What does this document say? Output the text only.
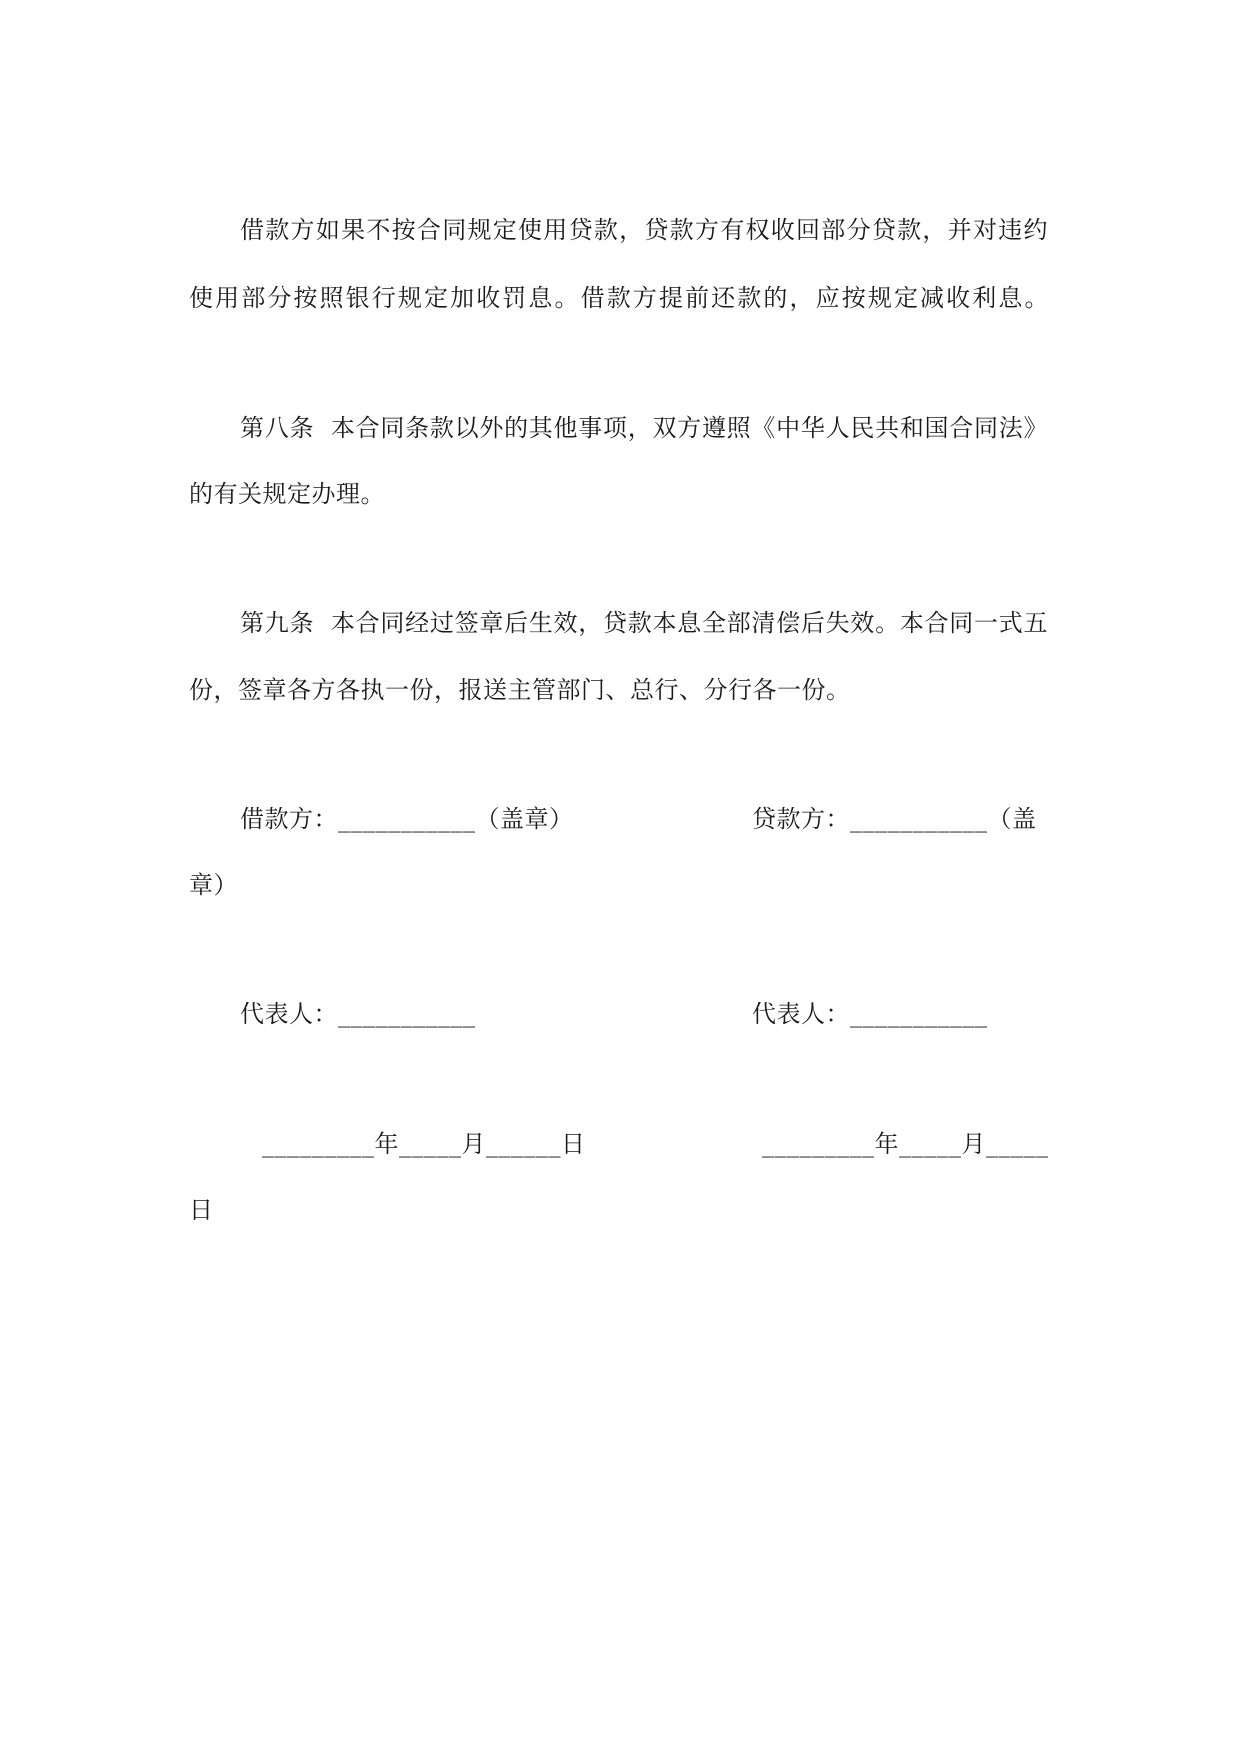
借款方如果不按合同规定使用贷款，贷款方有权收回部分贷款，并对违约
使用部分按照银行规定加收罚息。借款方提前还款的，应按规定减收利息。
第八条  本合同条款以外的其他事项，双方遵照《中华人民共和国合同法》
的有关规定办理。
第九条  本合同经过签章后生效，贷款本息全部清偿后失效。本合同一式五
份，签章各方各执一份，报送主管部门、总行、分行各一份。
借款方：___________（盖章）	贷款方：___________（盖
章）
代表人：___________	代表人：___________
_________年_____月______日	_________年_____月_____
日
